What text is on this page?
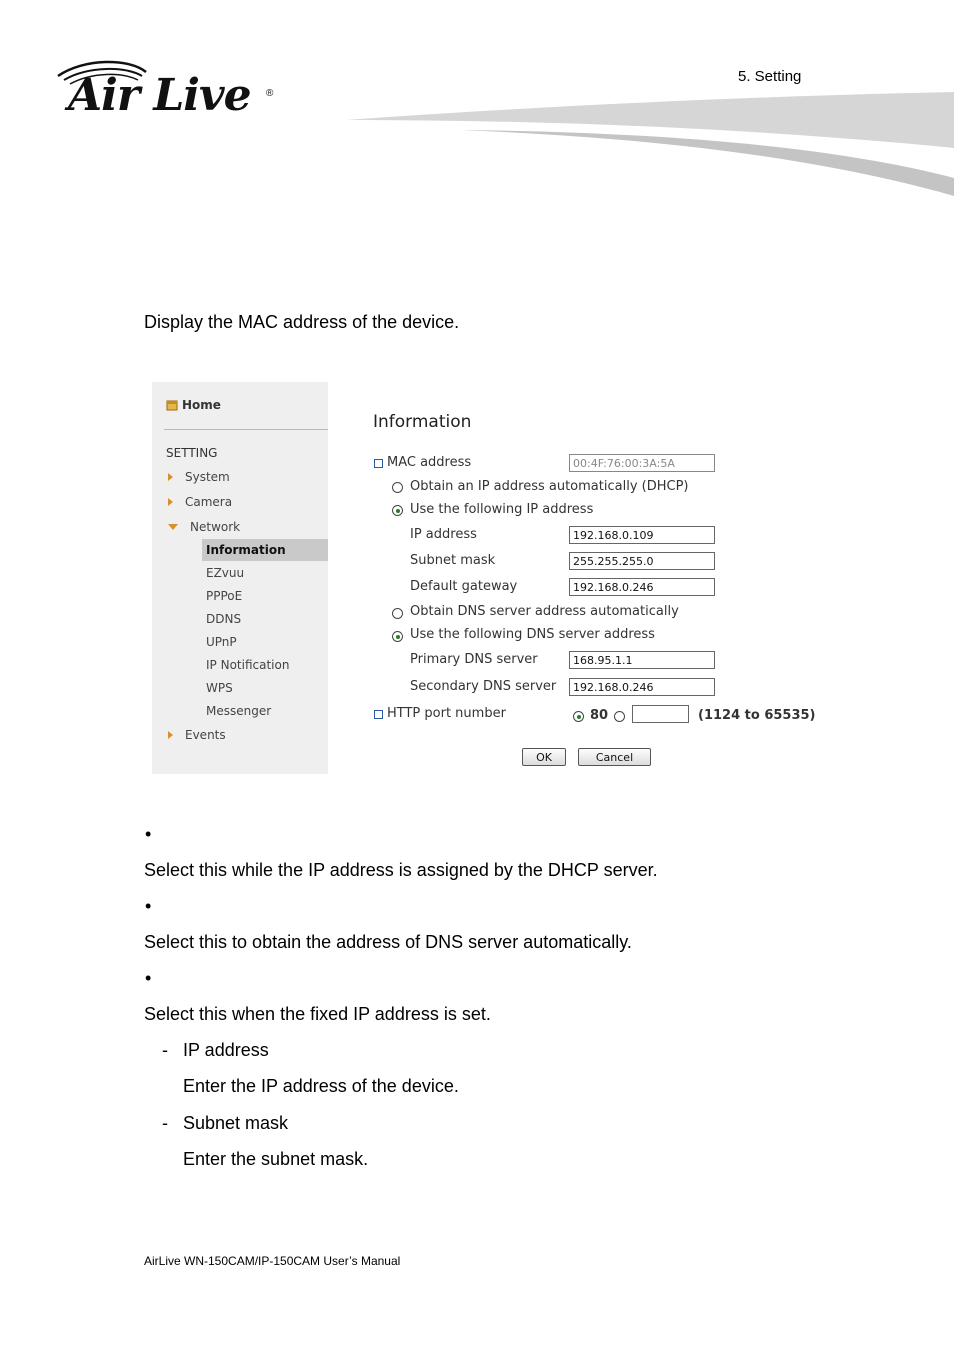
Air Live ®
5. Setting
Display the MAC address of the device.
Home
SETTING
System
Camera
Network
Information
EZvuu
PPPoE
DDNS
UPnP
IP Notification
WPS
Messenger
Events
Information
MAC address	00:4F:76:00:3A:5A
Obtain an IP address automatically (DHCP)
Use the following IP address
IP address	192.168.0.109
Subnet mask	255.255.255.0
Default gateway	192.168.0.246
Obtain DNS server address automatically
Use the following DNS server address
Primary DNS server	168.95.1.1
Secondary DNS server	192.168.0.246
HTTP port number	80	(1124 to 65535)
OK	Cancel
•
Select this while the IP address is assigned by the DHCP server.
•
Select this to obtain the address of DNS server automatically.
•
Select this when the fixed IP address is set.
- IP address
Enter the IP address of the device.
- Subnet mask
Enter the subnet mask.
AirLive WN-150CAM/IP-150CAM User’s Manual
